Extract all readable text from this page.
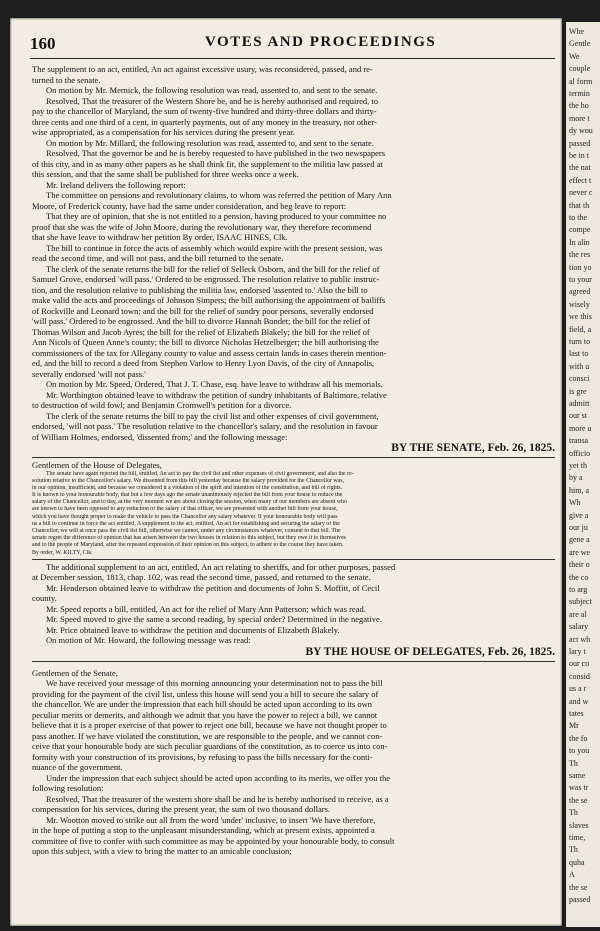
160	VOTES AND PROCEEDINGS
The supplement to an act, entitled, An act against excessive usury, was reconsidered, passed, and re-
turned to the senate.
On motion by Mr. Mernick, the following resolution was read, assented to, and sent to the senate.
Resolved, That the treasurer of the Western Shore be, and he is hereby authorised and required, to
pay to the chancellor of Maryland, the sum of twenty-five hundred and thirty-three dollars and thirty-
three cents and one third of a cent, in quarterly payments, out of any money in the treasury, not other-
wise appropriated, as a compensation for his services during the present year.
On motion by Mr. Millard, the following resolution was read, assented to, and sent to the senate.
Resolved, That the governor be and he is hereby requested to have published in the two newspapers
of this city, and in as many other papers as he shall think fit, the supplement to the militia law passed at
this session, and that the same shall be published for three weeks once a week.
Mr. Ireland delivers the following report:
The committee on pensions and revolutionary claims, to whom was referred the petition of Mary Ann
Moore, of Frederick county, have had the same under consideration, and beg leave to report:
That they are of opinion, that she is not entitled to a pension, having produced to your committee no
proof that she was the wife of John Moore, during the revolutionary war, they therefore recommend
that she have leave to withdraw her petition By order, ISAAC HINES, Clk.
The bill to continue in force the acts of assembly which would expire with the present session, was
read the second time, and will not pass, and the bill returned to the senate.
The clerk of the senate returns the bill for the relief of Selleck Osborn, and the bill for the relief of
Samuel Grove, endorsed 'will pass.' Ordered to be engrossed. The resolution relative to public instruc-
tion, and the resolution relative to publishing the militia law, endorsed 'assented to.' Also the bill to
make valid the acts and proceedings of Johnson Simpers; the bill authorising the appointment of bailiffs
of Rockville and Leonard town; and the bill for the relief of sundry poor persons, severally endorsed
'will pass.' Ordered to be engrossed. And the bill to divorce Hannah Bondet; the bill for the relief of
Thomas Wilson and Jacob Ayres; the bill for the relief of Elizabeth Blakely; the bill for the relief of
Ann Nicols of Queen Anne's county; the bill to divorce Nicholas Hetzelberger; the bill authorising the
commissioners of the tax for Allegany county to value and assess certain lands in cases therein mention-
ed, and the bill to record a deed from Stephen Varlow to Henry Lyon Davis, of the city of Annapolis,
severally endorsed 'will not pass.'
On motion by Mr. Speed, Ordered, That J. T. Chase, esq. have leave to withdraw all his memorials.
Mr. Worthington obtained leave to withdraw the petition of sundry inhabitants of Baltimore, relative
to destruction of wild fowl; and Benjamin Cromwell's petition for a divorce.
The clerk of the senate returns the bill to pay the civil list and other expenses of civil government,
endorsed, 'will not pass.' The resolution relative to the chancellor's salary, and the resolution in favour
of William Holmes, endorsed, 'dissented from;' and the following message:
BY THE SENATE, Feb. 26, 1825.
Gentlemen of the House of Delegates,
The senate have again rejected the bill, entitled, An act to pay the civil list and other expenses of civil government, and also the re-
solution relative to the Chancellor's salary. We dissented from this bill yesterday because the salary provided for the Chancellor was,
in our opinion, insufficient, and because we considered it a violation of the spirit and intention of the constitution, and bill of rights.
It is known to your honourable body, that but a few days ago the senate unanimously rejected the bill from your house to reduce the
salary of the Chancellor, and to day, at the very moment we are about closing the session, when many of our members are absent who
are known to have been opposed to any reduction of the salary of that officer, we are presented with another bill from your house,
which you have thought proper to make the vehicle to pass the Chancellor any salary whatever. If your honourable body will pass
us a bill to continue in force the act entitled, A supplement to the act, entitled, An act for establishing and securing the salary of the
Chancellor, we will at once pass the civil list bill, otherwise we cannot, under any circumstances whatever, consent to that bill. The
senate regret the difference of opinion that has arisen between the two houses in relation to this subject, but they owe it to themselves
and to the people of Maryland, after the repeated expression of their opinion on this subject, to adhere to the course they have taken.
By order, W. KILTY, Clk.
The additional supplement to an act, entitled, An act relating to sheriffs, and for other purposes, passed
at December session, 1813, chap. 102, was read the second time, passed, and returned to the senate.
Mr. Henderson obtained leave to withdraw the petition and documents of John S. Moffitt, of Cecil
county.
Mr. Speed reports a bill, entitled, An act for the relief of Mary Ann Patterson; which was read.
Mr. Speed moved to give the same a second reading, by special order? Determined in the negative.
Mr. Price obtained leave to withdraw the petition and documents of Elizabeth Blakely.
On motion of Mr. Howard, the following message was read:
BY THE HOUSE OF DELEGATES, Feb. 26, 1825.
Gentlemen of the Senate,
We have received your message of this morning announcing your determination not to pass the bill
providing for the payment of the civil list, unless this house will send you a bill to secure the salary of
the chancellor. We are under the impression that each bill should be acted upon according to its own
peculiar merits or demerits, and although we admit that you have the power to reject a bill, we cannot
believe that it is a proper exercise of that power to reject one bill, because we have not thought proper to
pass another. If we have violated the constitution, we are responsible to the people, and we cannot con-
ceive that your honourable body are such peculiar guardians of the constitution, as to coerce us into con-
formity with your construction of its provisions, by refusing to pass the bills necessary for the conti-
nuance of the government.
Under the impression that each subject should be acted upon according to its merits, we offer you the
following resolution:
Resolved, That the treasurer of the western shore shall be and he is hereby authorised to receive, as a
compensation for his services, during the present year, the sum of two thousand dollars.
Mr. Wootton moved to strike out all from the word 'under' inclusive, to insert 'We have therefore,
in the hope of putting a stop to the unpleasant misunderstanding, which at present exists, appointed a
committee of five to confer with such committee as may be appointed by your honourable body, to consult
upon this subject, with a view to bring the matter to an amicable conclusion;
Whe
Gentle
We
couple
al form
termin
the ho
more t
dy wou
passed
be in t
the nat
effect t
never c
that th
to the
compe
In alin
the res
tion yo
to your
agreed
wisely
we this
field, a
turn to
last to
with u
consci
is gre
admitt
our st
more u
transa
officio
yet th
by a
him, a
Wh
give a
our ju
gene a
are we
their o
the co
to arg
subject
are al
salary
act wh
lary t
our co
consid
us a r
and w
tates
Mr
the fo
to you
Th
same
was tr
the se
Th
slaves
time,
Th
quha
A
the se
passed
